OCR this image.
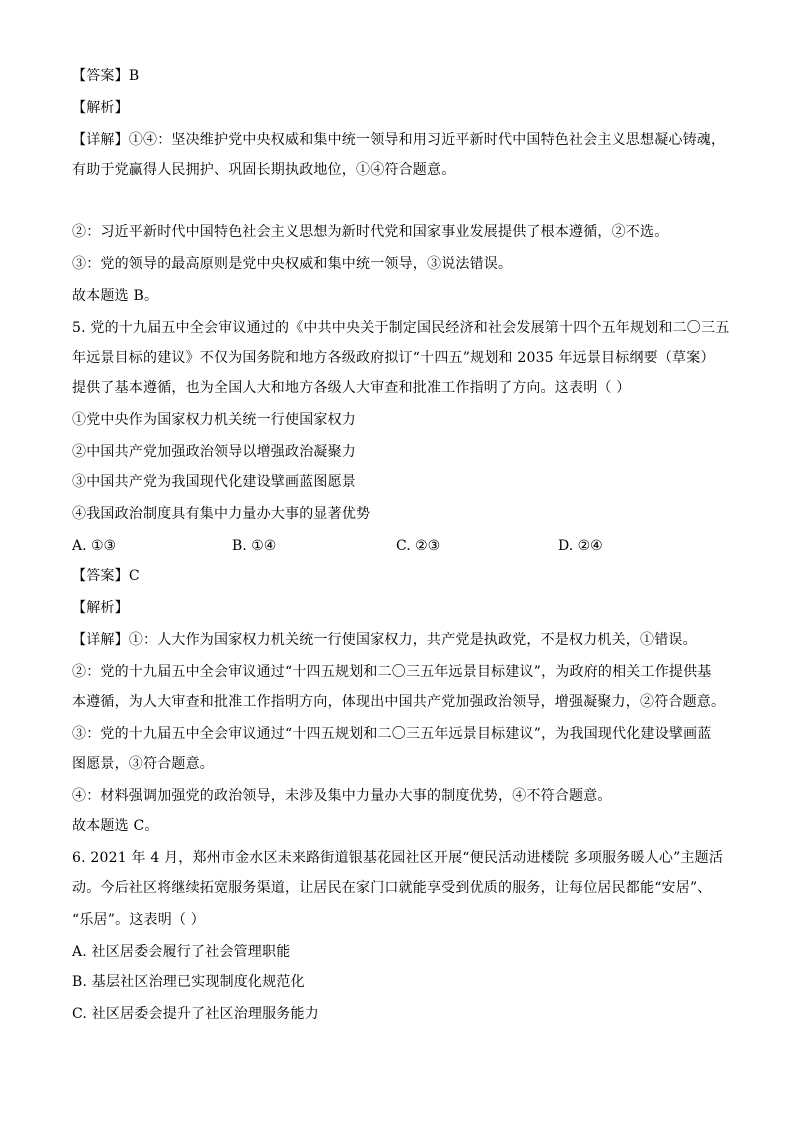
【答案】B
【解析】
【详解】①④：坚决维护党中央权威和集中统一领导和用习近平新时代中国特色社会主义思想凝心铸魂，
有助于党赢得人民拥护、巩固长期执政地位，①④符合题意。
②：习近平新时代中国特色社会主义思想为新时代党和国家事业发展提供了根本遵循，②不选。
③：党的领导的最高原则是党中央权威和集中统一领导，③说法错误。
故本题选 B。
5. 党的十九届五中全会审议通过的《中共中央关于制定国民经济和社会发展第十四个五年规划和二〇三五
年远景目标的建议》不仅为国务院和地方各级政府拟订“十四五”规划和 2035 年远景目标纲要（草案）
提供了基本遵循，也为全国人大和地方各级人大审查和批准工作指明了方向。这表明（ ）
①党中央作为国家权力机关统一行使国家权力
②中国共产党加强政治领导以增强政治凝聚力
③中国共产党为我国现代化建设擘画蓝图愿景
④我国政治制度具有集中力量办大事的显著优势
A. ①③	B. ①④	C. ②③	D. ②④
【答案】C
【解析】
【详解】①：人大作为国家权力机关统一行使国家权力，共产党是执政党，不是权力机关，①错误。
②：党的十九届五中全会审议通过“十四五规划和二〇三五年远景目标建议”，为政府的相关工作提供基
本遵循，为人大审查和批准工作指明方向，体现出中国共产党加强政治领导，增强凝聚力，②符合题意。
③：党的十九届五中全会审议通过“十四五规划和二〇三五年远景目标建议”，为我国现代化建设擘画蓝
图愿景，③符合题意。
④：材料强调加强党的政治领导，未涉及集中力量办大事的制度优势，④不符合题意。
故本题选 C。
6. 2021 年 4 月，郑州市金水区未来路街道银基花园社区开展“便民活动进楼院 多项服务暖人心”主题活
动。今后社区将继续拓宽服务渠道，让居民在家门口就能享受到优质的服务，让每位居民都能“安居”、
“乐居”。这表明（ ）
A. 社区居委会履行了社会管理职能
B. 基层社区治理已实现制度化规范化
C. 社区居委会提升了社区治理服务能力
